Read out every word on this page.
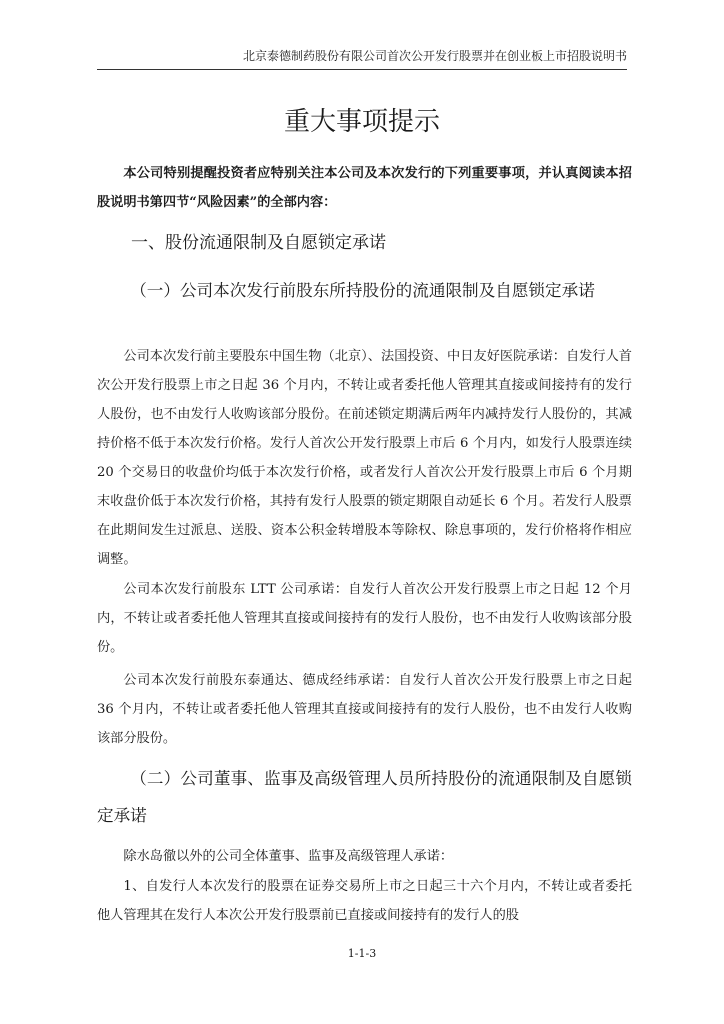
北京泰德制药股份有限公司首次公开发行股票并在创业板上市招股说明书
重大事项提示

本公司特别提醒投资者应特别关注本公司及本次发行的下列重要事项，并认真阅读本招股说明书第四节“风险因素”的全部内容：

一、股份流通限制及自愿锁定承诺
（一）公司本次发行前股东所持股份的流通限制及自愿锁定承诺

公司本次发行前主要股东中国生物（北京）、法国投资、中日友好医院承诺：自发行人首次公开发行股票上市之日起 36 个月内，不转让或者委托他人管理其直接或间接持有的发行人股份，也不由发行人收购该部分股份。在前述锁定期满后两年内减持发行人股份的，其减持价格不低于本次发行价格。发行人首次公开发行股票上市后 6 个月内，如发行人股票连续 20 个交易日的收盘价均低于本次发行价格，或者发行人首次公开发行股票上市后 6 个月期末收盘价低于本次发行价格，其持有发行人股票的锁定期限自动延长 6 个月。若发行人股票在此期间发生过派息、送股、资本公积金转增股本等除权、除息事项的，发行价格将作相应调整。

公司本次发行前股东 LTT 公司承诺：自发行人首次公开发行股票上市之日起 12 个月内，不转让或者委托他人管理其直接或间接持有的发行人股份，也不由发行人收购该部分股份。

公司本次发行前股东泰通达、德成经纬承诺：自发行人首次公开发行股票上市之日起 36 个月内，不转让或者委托他人管理其直接或间接持有的发行人股份，也不由发行人收购该部分股份。

（二）公司董事、监事及高级管理人员所持股份的流通限制及自愿锁定承诺

除水岛徹以外的公司全体董事、监事及高级管理人承诺：

1、自发行人本次发行的股票在证券交易所上市之日起三十六个月内，不转让或者委托他人管理其在发行人本次公开发行股票前已直接或间接持有的发行人的股

1-1-3
